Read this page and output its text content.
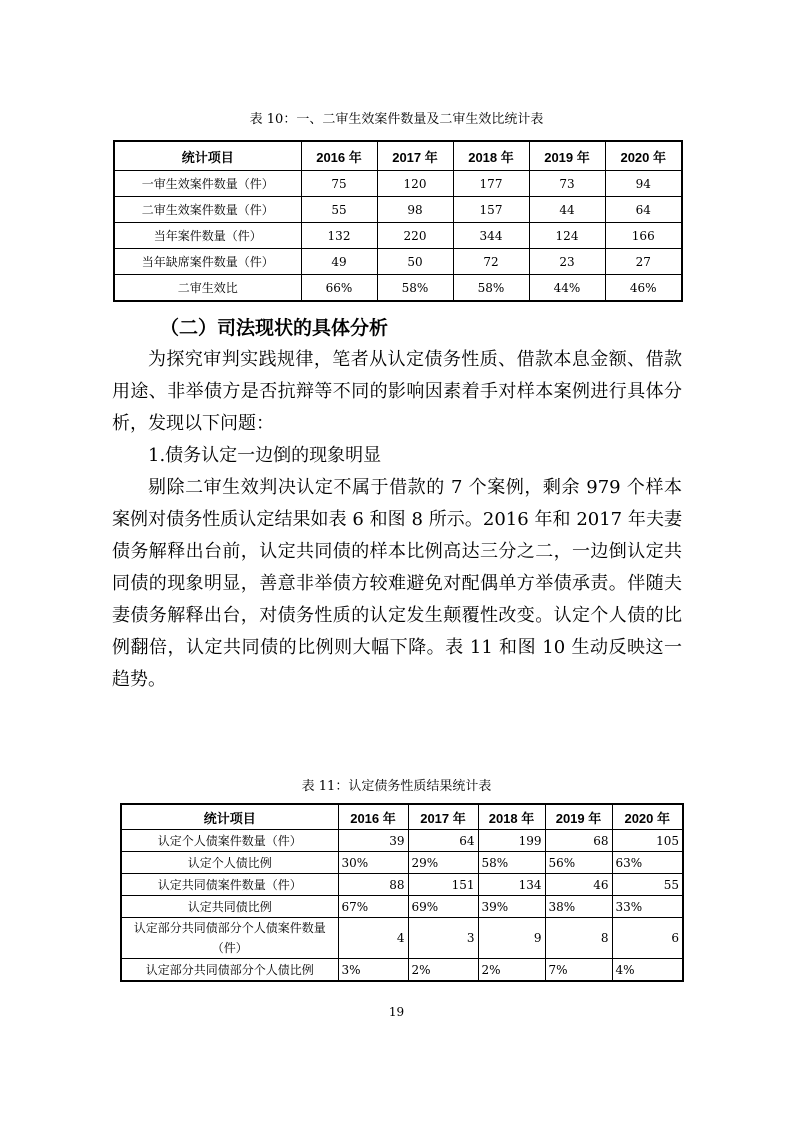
表 10：一、二审生效案件数量及二审生效比统计表
统计项目	2016 年	2017 年	2018 年	2019 年	2020 年
一审生效案件数量（件）	75	120	177	73	94
二审生效案件数量（件）	55	98	157	44	64
当年案件数量（件）	132	220	344	124	166
当年缺席案件数量（件）	49	50	72	23	27
二审生效比	66%	58%	58%	44%	46%
（二）司法现状的具体分析

为探究审判实践规律，笔者从认定债务性质、借款本息金额、借款用途、非举债方是否抗辩等不同的影响因素着手对样本案例进行具体分析，发现以下问题：

1.债务认定一边倒的现象明显

剔除二审生效判决认定不属于借款的 7 个案例，剩余 979 个样本案例对债务性质认定结果如表 6 和图 8 所示。2016 年和 2017 年夫妻债务解释出台前，认定共同债的样本比例高达三分之二，一边倒认定共同债的现象明显，善意非举债方较难避免对配偶单方举债承责。伴随夫妻债务解释出台，对债务性质的认定发生颠覆性改变。认定个人债的比例翻倍，认定共同债的比例则大幅下降。表 11 和图 10 生动反映这一趋势。

表 11：认定债务性质结果统计表
统计项目	2016 年	2017 年	2018 年	2019 年	2020 年
认定个人债案件数量（件）	39	64	199	68	105
认定个人债比例	30%	29%	58%	56%	63%
认定共同债案件数量（件）	88	151	134	46	55
认定共同债比例	67%	69%	39%	38%	33%
认定部分共同债部分个人债案件数量（件）	4	3	9	8	6
认定部分共同债部分个人债比例	3%	2%	2%	7%	4%
19
